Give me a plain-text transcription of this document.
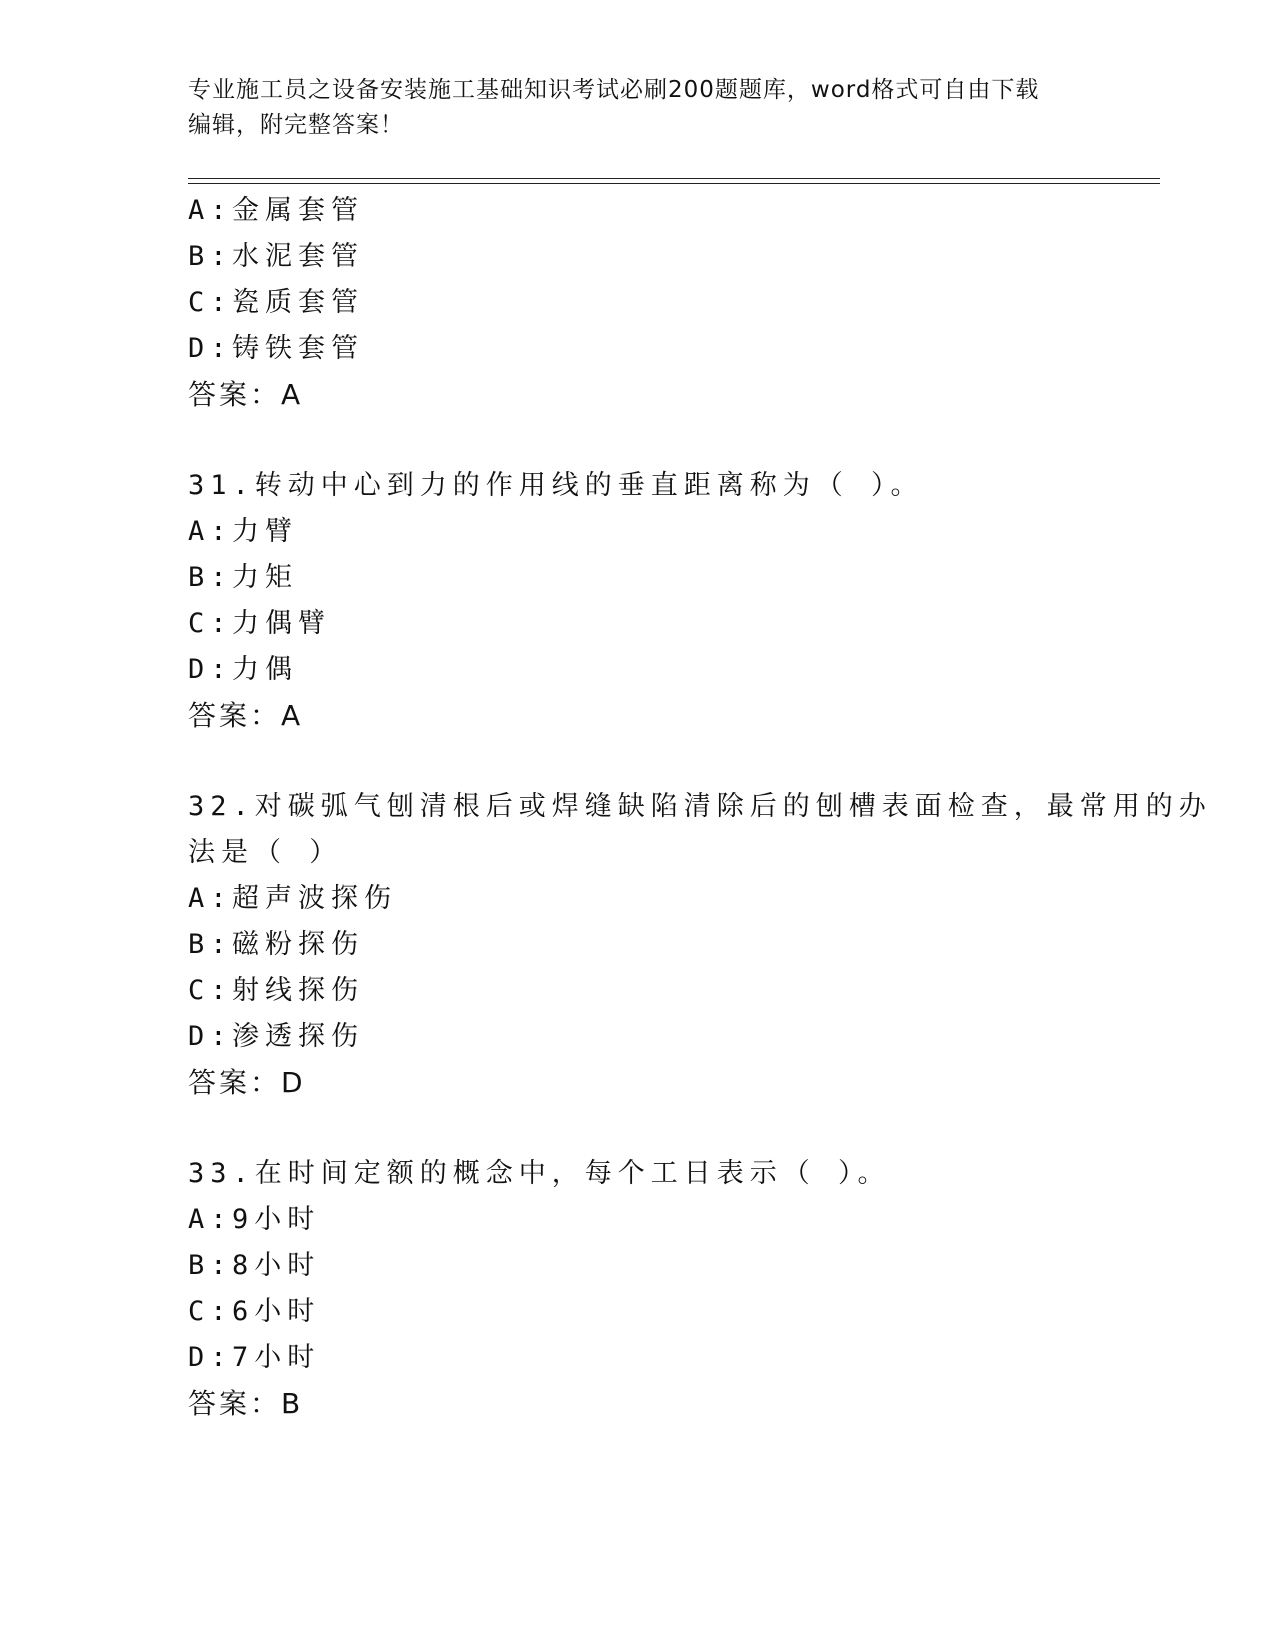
专业施工员之设备安装施工基础知识考试必刷200题题库，word格式可自由下载
编辑，附完整答案！
A:金属套管
B:水泥套管
C:瓷质套管
D:铸铁套管
答案：A
31.转动中心到力的作用线的垂直距离称为（ ）。
A:力臂
B:力矩
C:力偶臂
D:力偶
答案：A
32.对碳弧气刨清根后或焊缝缺陷清除后的刨槽表面检查，最常用的办
法是（ ）
A:超声波探伤
B:磁粉探伤
C:射线探伤
D:渗透探伤
答案：D
33.在时间定额的概念中，每个工日表示（ ）。
A:9小时
B:8小时
C:6小时
D:7小时
答案：B
